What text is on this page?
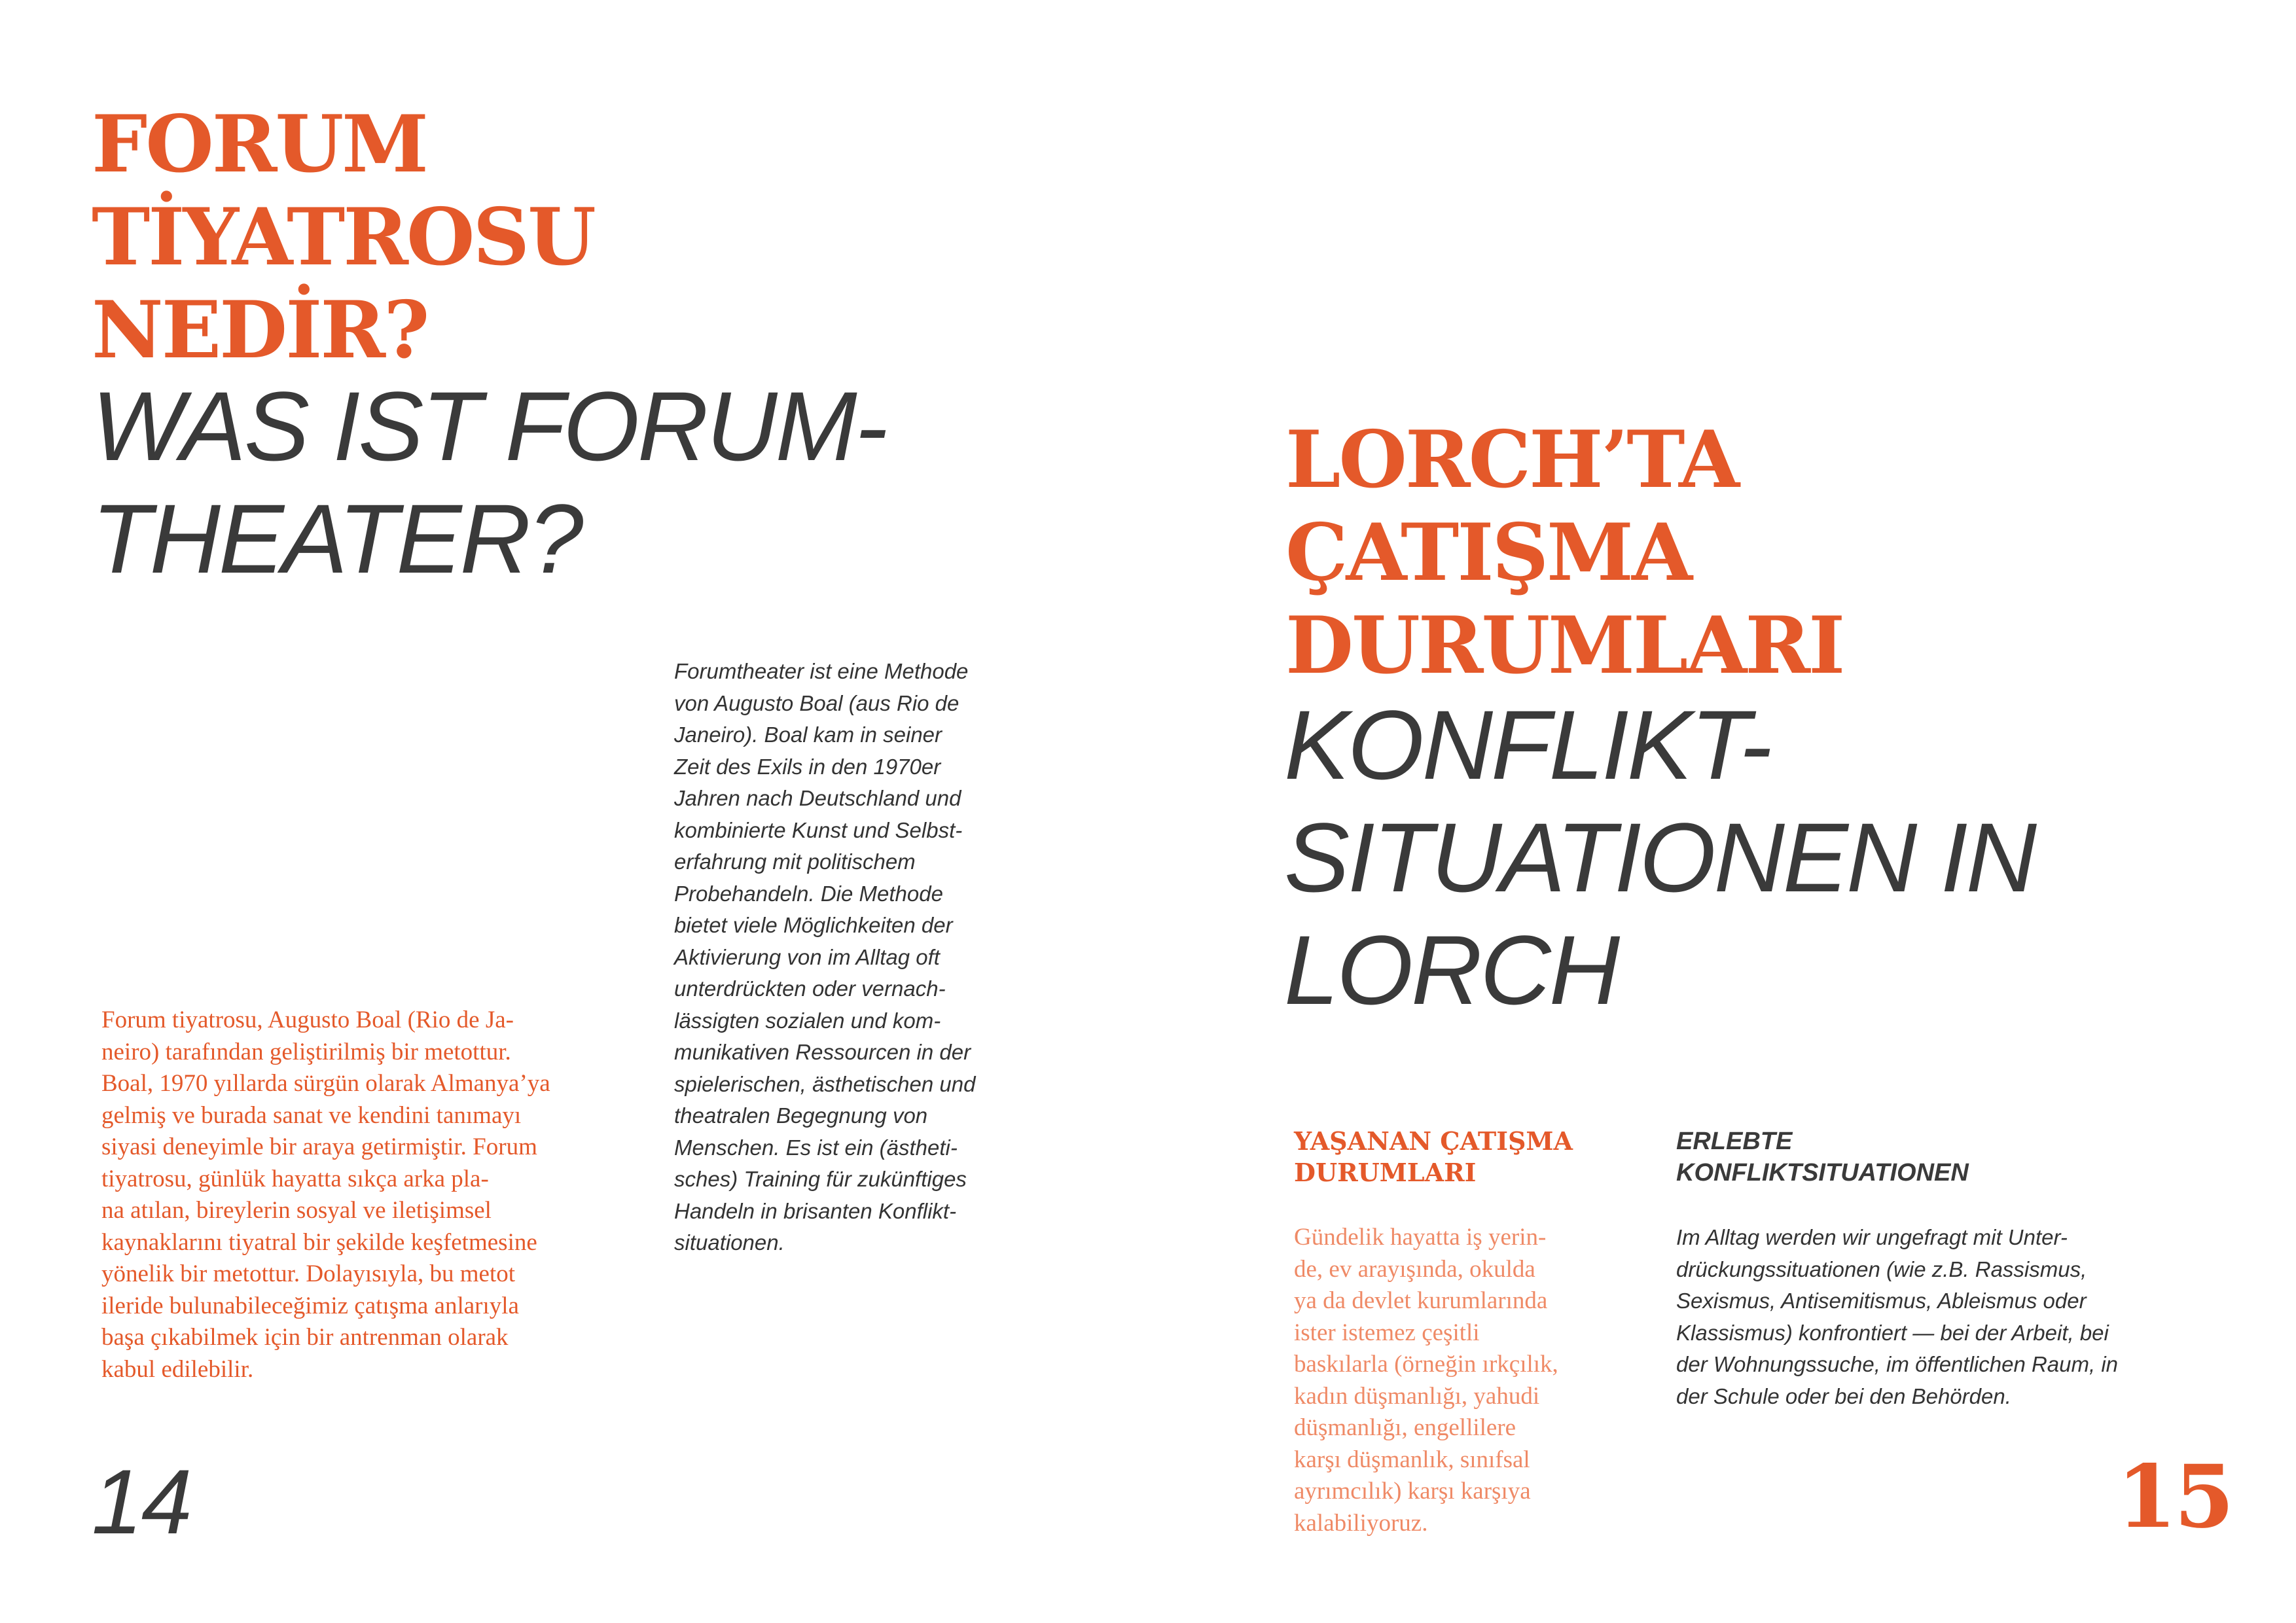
FORUM
TİYATROSU
NEDİR?
WAS IST FORUM-
THEATER?
Forumtheater ist eine Methode
von Augusto Boal (aus Rio de
Janeiro). Boal kam in seiner
Zeit des Exils in den 1970er
Jahren nach Deutschland und
kombinierte Kunst und Selbst-
erfahrung mit politischem
Probehandeln. Die Methode
bietet viele Möglichkeiten der
Aktivierung von im Alltag oft
unterdrückten oder vernach-
lässigten sozialen und kom-
munikativen Ressourcen in der
spielerischen, ästhetischen und
theatralen Begegnung von
Menschen. Es ist ein (ästheti-
sches) Training für zukünftiges
Handeln in brisanten Konflikt-
situationen.
Forum tiyatrosu, Augusto Boal (Rio de Ja-
neiro) tarafından geliştirilmiş bir metottur.
Boal, 1970 yıllarda sürgün olarak Almanya’ya
gelmiş ve burada sanat ve kendini tanımayı
siyasi deneyimle bir araya getirmiştir. Forum
tiyatrosu, günlük hayatta sıkça arka pla-
na atılan, bireylerin sosyal ve iletişimsel
kaynaklarını tiyatral bir şekilde keşfetmesine
yönelik bir metottur. Dolayısıyla, bu metot
ileride bulunabileceğimiz çatışma anlarıyla
başa çıkabilmek için bir antrenman olarak
kabul edilebilir.
14
LORCH’TA
ÇATIŞMA
DURUMLARI
KONFLIKT-
SITUATIONEN IN
LORCH
YAŞANAN ÇATIŞMA
DURUMLARI
ERLEBTE
KONFLIKTSITUATIONEN
Gündelik hayatta iş yerin-
de, ev arayışında, okulda
ya da devlet kurumlarında
ister istemez çeşitli
baskılarla (örneğin ırkçılık,
kadın düşmanlığı, yahudi
düşmanlığı, engellilere
karşı düşmanlık, sınıfsal
ayrımcılık) karşı karşıya
kalabiliyoruz.
Im Alltag werden wir ungefragt mit Unter-
drückungssituationen (wie z.B. Rassismus,
Sexismus, Antisemitismus, Ableismus oder
Klassismus) konfrontiert — bei der Arbeit, bei
der Wohnungssuche, im öffentlichen Raum, in
der Schule oder bei den Behörden.
15
